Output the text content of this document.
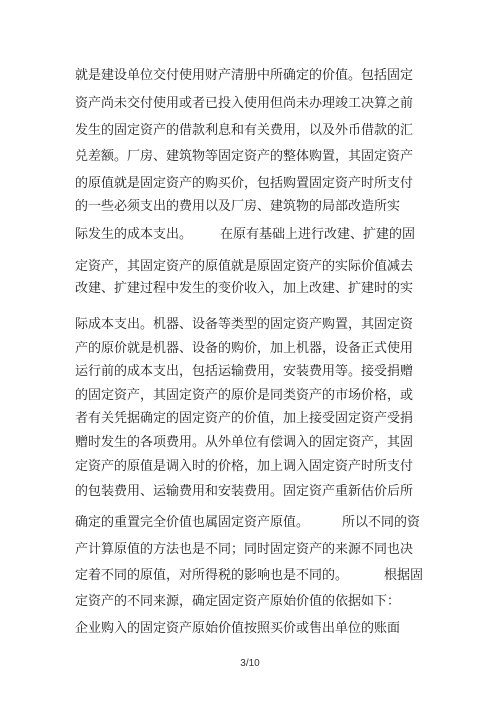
就是建设单位交付使用财产清册中所确定的价值。包括固定

资产尚未交付使用或者已投入使用但尚未办理竣工决算之前

发生的固定资产的借款利息和有关费用，以及外币借款的汇

兑差额。厂房、建筑物等固定资产的整体购置，其固定资产

的原值就是固定资产的购买价，包括购置固定资产时所支付

的一些必须支出的费用以及厂房、建筑物的局部改造所实

际发生的成本支出。

在原有基础上进行改建、扩建的固

定资产，其固定资产的原值就是原固定资产的实际价值减去

改建、扩建过程中发生的变价收入，加上改建、扩建时的实

际成本支出。机器、设备等类型的固定资产购置，其固定资

产的原价就是机器、设备的购价，加上机器，设备正式使用

运行前的成本支出，包括运输费用，安装费用等。接受捐赠

的固定资产，其固定资产的原价是同类资产的市场价格，或

者有关凭据确定的固定资产的价值，加上接受固定资产受捐

赠时发生的各项费用。从外单位有偿调入的固定资产，其固

定资产的原值是调入时的价格，加上调入固定资产时所支付

的包装费用、运输费用和安装费用。固定资产重新估价后所

确定的重置完全价值也属固定资产原值。

	所以不同的资

产计算原值的方法也是不同；同时固定资产的来源不同也决

定着不同的原值，对所得税的影响也是不同的。

	根据固

定资产的不同来源，确定固定资产原始价值的依据如下：

企业购入的固定资产原始价值按照买价或售出单位的账面

3/10
